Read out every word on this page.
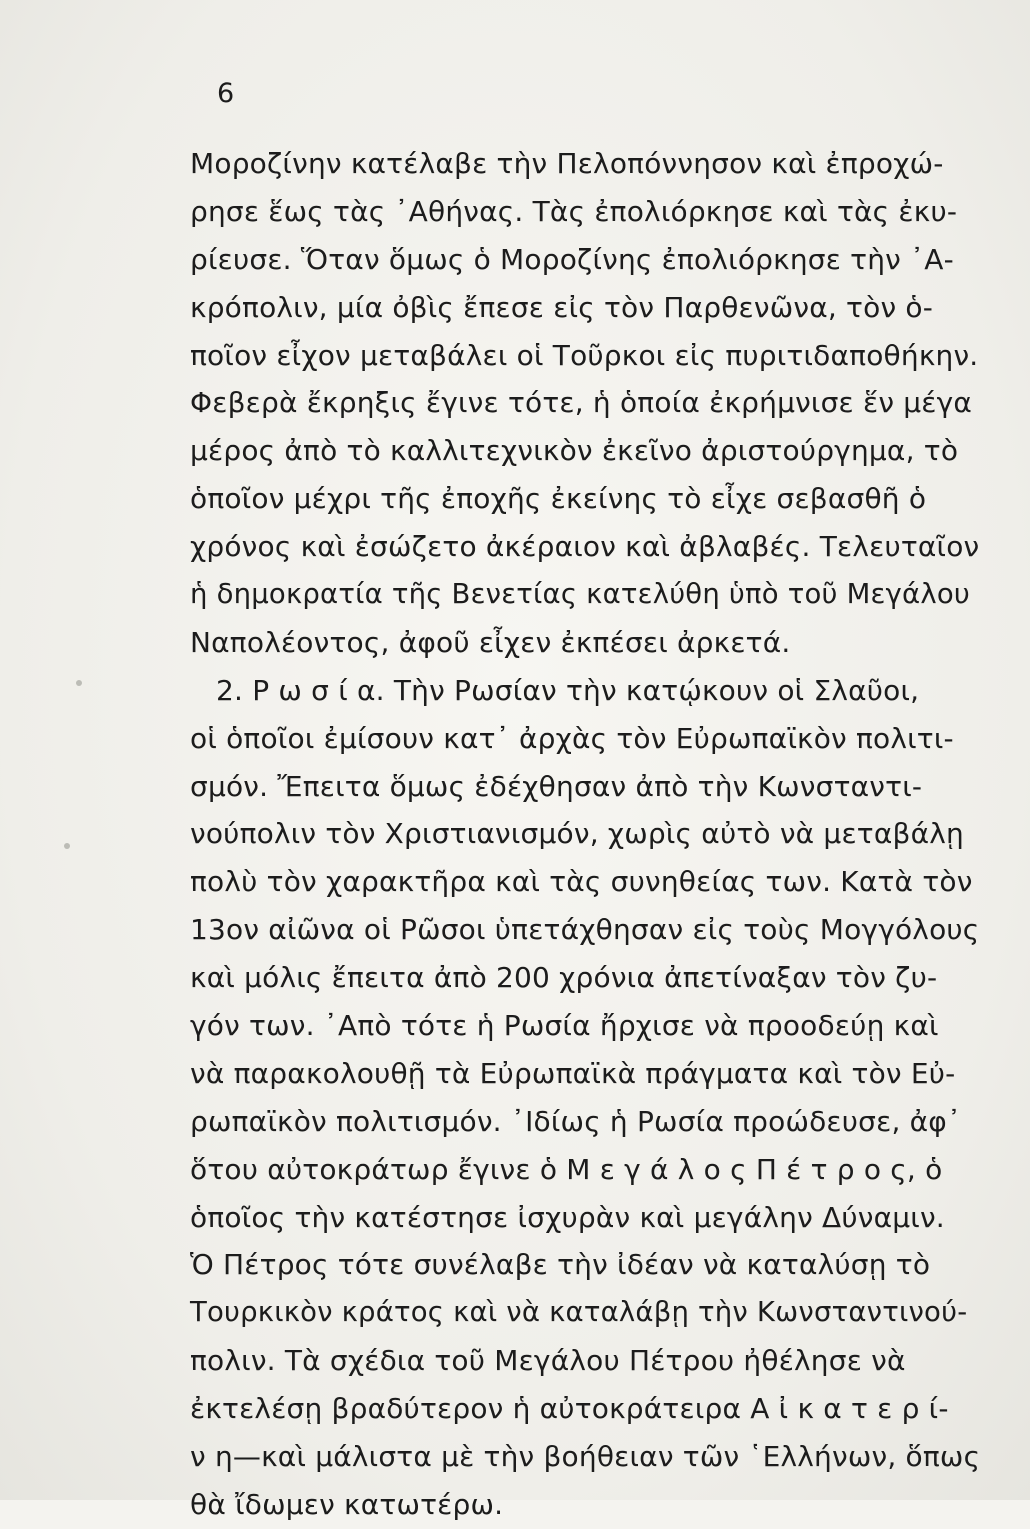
6
Μοροζίνην κατέλαβε τὴν Πελοπόννησον καὶ ἐπροχώ-
ρησε ἕως τὰς ᾿Αθήνας. Τὰς ἐπολιόρκησε καὶ τὰς ἐκυ-
ρίευσε. Ὅταν ὅμως ὁ Μοροζίνης ἐπολιόρκησε τὴν ᾿Α-
κρόπολιν, μία ὀβὶς ἔπεσε εἰς τὸν Παρθενῶνα, τὸν ὁ-
ποῖον εἶχον μεταβάλει οἱ Τοῦρκοι εἰς πυριτιδαποθήκην.
Φεβερὰ ἔκρηξις ἔγινε τότε, ἡ ὁποία ἐκρήμνισε ἕν μέγα
μέρος ἀπὸ τὸ καλλιτεχνικὸν ἐκεῖνο ἀριστούργημα, τὸ
ὁποῖον μέχρι τῆς ἐποχῆς ἐκείνης τὸ εἶχε σεβασθῆ ὁ
χρόνος καὶ ἐσώζετο ἀκέραιον καὶ ἀβλαβές. Τελευταῖον
ἡ δημοκρατία τῆς Βενετίας κατελύθη ὑπὸ τοῦ Μεγάλου
Ναπολέοντος, ἀφοῦ εἶχεν ἐκπέσει ἀρκετά.
2. Ρ ω σ ί α. Τὴν Ρωσίαν τὴν κατῴκουν οἱ Σλαῦοι,
οἱ ὁποῖοι ἐμίσουν κατ᾿ ἀρχὰς τὸν Εὐρωπαϊκὸν πολιτι-
σμόν. Ἔπειτα ὅμως ἐδέχθησαν ἀπὸ τὴν Κωνσταντι-
νούπολιν τὸν Χριστιανισμόν, χωρὶς αὐτὸ νὰ μεταβάλῃ
πολὺ τὸν χαρακτῆρα καὶ τὰς συνηθείας των. Κατὰ τὸν
13ον αἰῶνα οἱ Ρῶσοι ὑπετάχθησαν εἰς τοὺς Μογγόλους
καὶ μόλις ἔπειτα ἀπὸ 200 χρόνια ἀπετίναξαν τὸν ζυ-
γόν των. ᾿Απὸ τότε ἡ Ρωσία ἤρχισε νὰ προοδεύῃ καὶ
νὰ παρακολουθῇ τὰ Εὐρωπαϊκὰ πράγματα καὶ τὸν Εὐ-
ρωπαϊκὸν πολιτισμόν. ᾿Ιδίως ἡ Ρωσία προώδευσε, ἀφ᾿
ὅτου αὐτοκράτωρ ἔγινε ὁ Μ ε γ ά λ ο ς Π έ τ ρ ο ς, ὁ
ὁποῖος τὴν κατέστησε ἰσχυρὰν καὶ μεγάλην Δύναμιν.
Ὁ Πέτρος τότε συνέλαβε τὴν ἰδέαν νὰ καταλύσῃ τὸ
Τουρκικὸν κράτος καὶ νὰ καταλάβῃ τὴν Κωνσταντινού-
πολιν. Τὰ σχέδια τοῦ Μεγάλου Πέτρου ἠθέλησε νὰ
ἐκτελέσῃ βραδύτερον ἡ αὐτοκράτειρα Α ἰ κ α τ ε ρ ί-
ν η—καὶ μάλιστα μὲ τὴν βοήθειαν τῶν ῾Ελλήνων, ὅπως
θὰ ἴδωμεν κατωτέρω.
